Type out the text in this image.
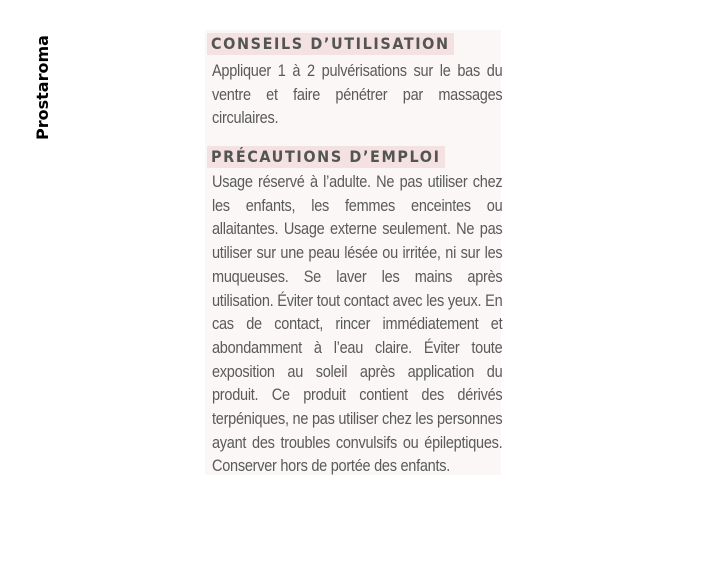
Prostaroma	CONSEILS D’UTILISATION
Appliquer 1 à 2 pulvérisations sur le bas du ventre et faire pénétrer par massages circulaires.
PRÉCAUTIONS D’EMPLOI
Usage réservé à l’adulte. Ne pas utiliser chez les enfants, les femmes enceintes ou allaitantes. Usage externe seulement. Ne pas utiliser sur une peau lésée ou irritée, ni sur les muqueuses. Se laver les mains après utilisation. Éviter tout contact avec les yeux. En cas de contact, rincer immédiatement et abondamment à l’eau claire. Éviter toute exposition au soleil après application du produit. Ce produit contient des dérivés terpéniques, ne pas utiliser chez les personnes ayant des troubles convulsifs ou épileptiques. Conserver hors de portée des enfants.
